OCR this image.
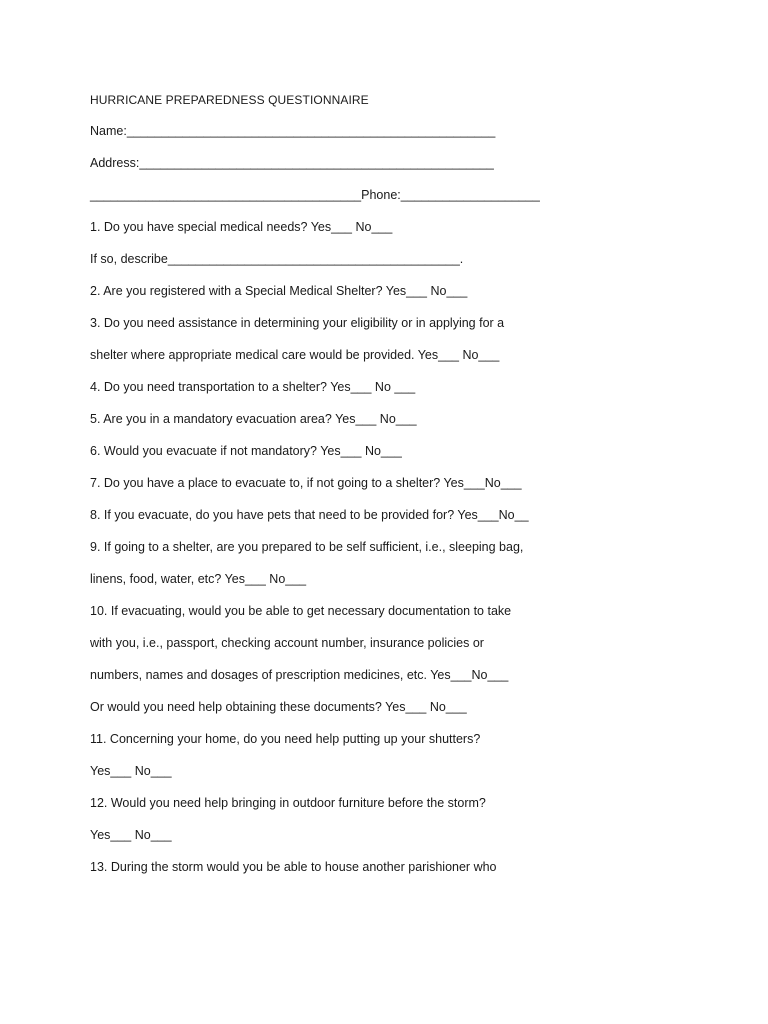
HURRICANE PREPAREDNESS QUESTIONNAIRE

Name:_____________________________________________________

Address:___________________________________________________

_______________________________________Phone:____________________

1. Do you have special medical needs? Yes___ No___

If so, describe__________________________________________.

2. Are you registered with a Special Medical Shelter? Yes___ No___

3. Do you need assistance in determining your eligibility or in applying for a

shelter where appropriate medical care would be provided. Yes___ No___

4. Do you need transportation to a shelter? Yes___ No ___

5. Are you in a mandatory evacuation area? Yes___ No___

6. Would you evacuate if not mandatory? Yes___ No___

7. Do you have a place to evacuate to, if not going to a shelter? Yes___No___

8. If you evacuate, do you have pets that need to be provided for? Yes___No__

9. If going to a shelter, are you prepared to be self sufficient, i.e., sleeping bag,

linens, food, water, etc? Yes___ No___

10. If evacuating, would you be able to get necessary documentation to take

with you, i.e., passport, checking account number, insurance policies or

numbers, names and dosages of prescription medicines, etc. Yes___No___

Or would you need help obtaining these documents? Yes___ No___

11. Concerning your home, do you need help putting up your shutters?

Yes___ No___

12. Would you need help bringing in outdoor furniture before the storm?

Yes___ No___

13. During the storm would you be able to house another parishioner who
